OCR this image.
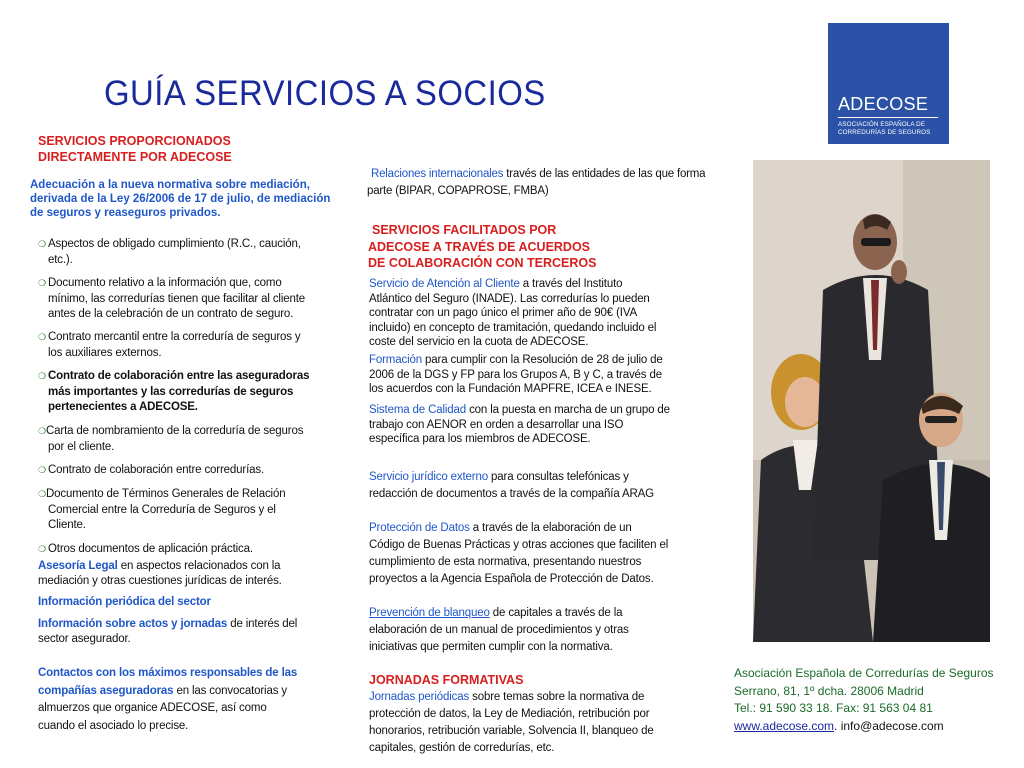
GUÍA SERVICIOS A SOCIOS	ADECOSE
ASOCIACIÓN ESPAÑOLA DE
CORREDURÍAS DE SEGUROS
SERVICIOS PROPORCIONADOS
DIRECTAMENTE POR ADECOSE
Adecuación a la nueva normativa sobre mediación,
derivada de la Ley 26/2006 de 17 de julio, de mediación
de seguros y reaseguros privados.
❍ Aspectos de obligado cumplimiento (R.C., caución,
etc.).
❍ Documento relativo a la información que, como
mínimo, las corredurías tienen que facilitar al cliente
antes de la celebración de un contrato de seguro.
❍ Contrato mercantil entre la correduría de seguros y
los auxiliares externos.
❍ Contrato de colaboración entre las aseguradoras
más importantes y las corredurías de seguros
pertenecientes a ADECOSE.
❍Carta de nombramiento de la correduría de seguros
por el cliente.
❍ Contrato de colaboración entre corredurías.
❍Documento de Términos Generales de Relación
Comercial entre la Correduría de Seguros y el
Cliente.
❍ Otros documentos de aplicación práctica.
Asesoría Legal en aspectos relacionados con la
mediación y otras cuestiones jurídicas de interés.
Información periódica del sector
Información sobre actos y jornadas de interés del
sector asegurador.
Contactos con los máximos responsables de las
compañías aseguradoras en las convocatorias y
almuerzos que organice ADECOSE, así como
cuando el asociado lo precise.
Relaciones internacionales través de las entidades de las que forma
parte (BIPAR, COPAPROSE, FMBA)
SERVICIOS FACILITADOS POR
ADECOSE A TRAVÉS DE ACUERDOS
DE COLABORACIÓN CON TERCEROS
Servicio de Atención al Cliente a través del Instituto
Atlántico del Seguro (INADE). Las corredurías lo pueden
contratar con un pago único el primer año de 90€ (IVA
incluido) en concepto de tramitación, quedando incluido el
coste del servicio en la cuota de ADECOSE.
Formación para cumplir con la Resolución de 28 de julio de
2006 de la DGS y FP para los Grupos A, B y C, a través de
los acuerdos con la Fundación MAPFRE, ICEA e INESE.
Sistema de Calidad con la puesta en marcha de un grupo de
trabajo con AENOR en orden a desarrollar una ISO
específica para los miembros de ADECOSE.
Servicio jurídico externo para consultas telefónicas y
redacción de documentos a través de la compañía ARAG
Protección de Datos a través de la elaboración de un
Código de Buenas Prácticas y otras acciones que faciliten el
cumplimiento de esta normativa, presentando nuestros
proyectos a la Agencia Española de Protección de Datos.
Prevención de blanqueo de capitales a través de la
elaboración de un manual de procedimientos y otras
iniciativas que permiten cumplir con la normativa.
JORNADAS FORMATIVAS
Jornadas periódicas sobre temas sobre la normativa de
protección de datos, la Ley de Mediación, retribución por
honorarios, retribución variable, Solvencia II, blanqueo de
capitales, gestión de corredurías, etc.
Asociación Española de Corredurías de Seguros
Serrano, 81, 1º dcha. 28006 Madrid
Tel.: 91 590 33 18. Fax: 91 563 04 81
www.adecose.com. info@adecose.com
